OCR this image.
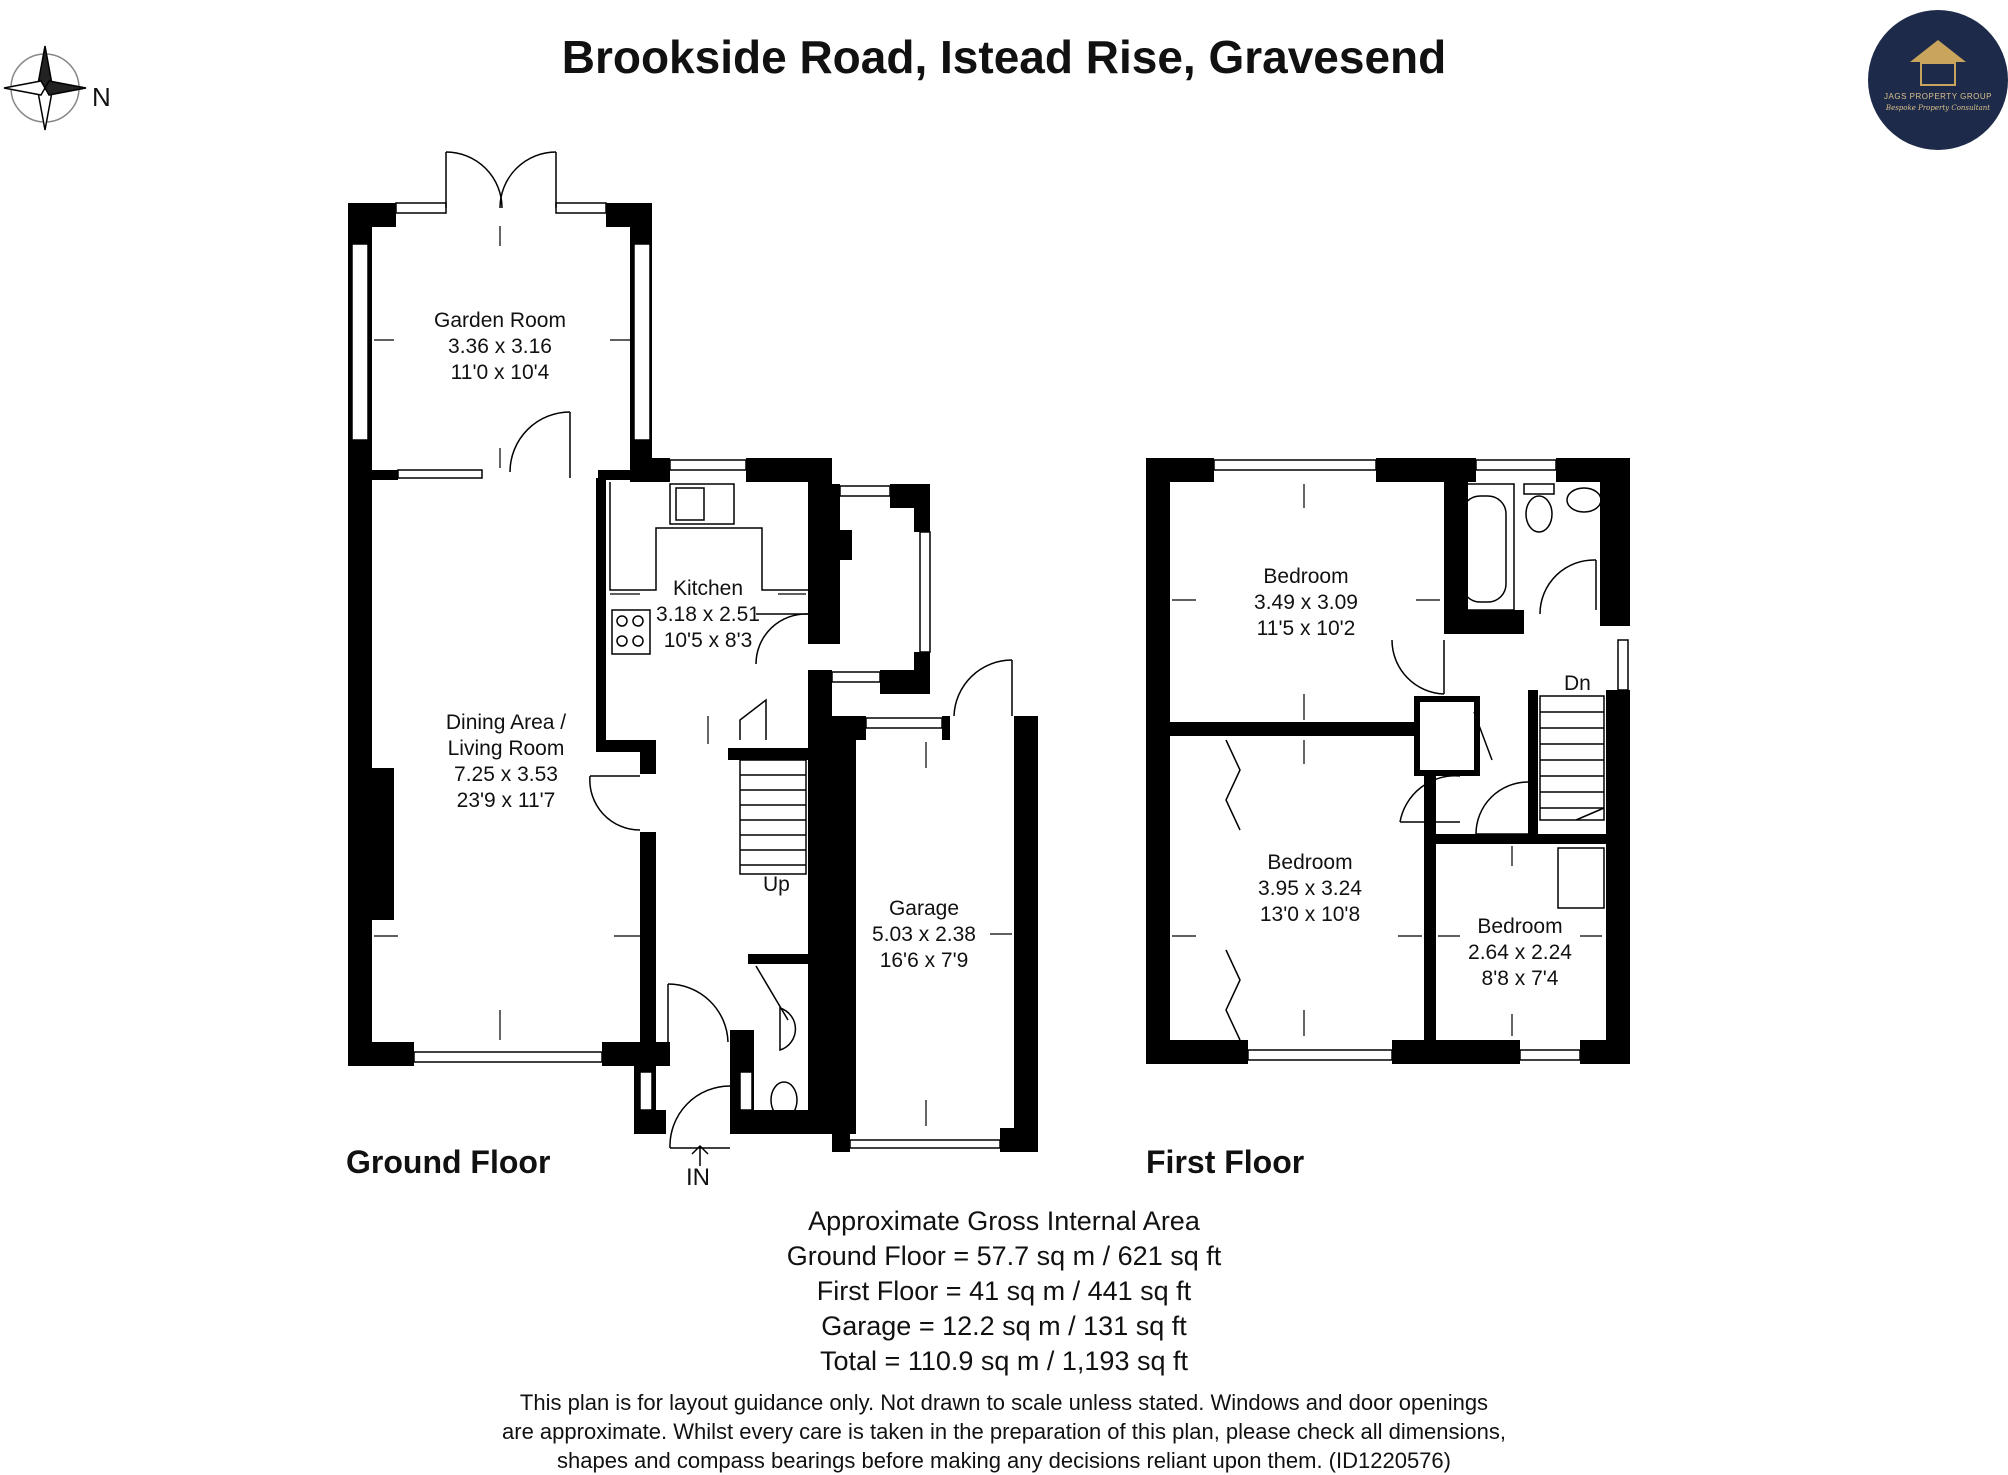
Brookside Road, Istead Rise, Gravesend
N	JAGS PROPERTY GROUP
Bespoke Property Consultant
Garden Room
3.36 x 3.16
11'0 x 10'4
Kitchen
3.18 x 2.51
10'5 x 8'3
Dining Area /
Living Room
7.25 x 3.53
23'9 x 11'7
Garage
5.03 x 2.38
16'6 x 7'9
Up
IN
Ground Floor
Bedroom
3.49 x 3.09
11'5 x 10'2
Bedroom
3.95 x 3.24
13'0 x 10'8
Bedroom
2.64 x 2.24
8'8 x 7'4
Dn
First Floor
Approximate Gross Internal Area
Ground Floor = 57.7 sq m / 621 sq ft
First Floor = 41 sq m / 441 sq ft
Garage = 12.2 sq m / 131 sq ft
Total = 110.9 sq m / 1,193 sq ft
This plan is for layout guidance only. Not drawn to scale unless stated. Windows and door openings
are approximate. Whilst every care is taken in the preparation of this plan, please check all dimensions,
shapes and compass bearings before making any decisions reliant upon them. (ID1220576)
